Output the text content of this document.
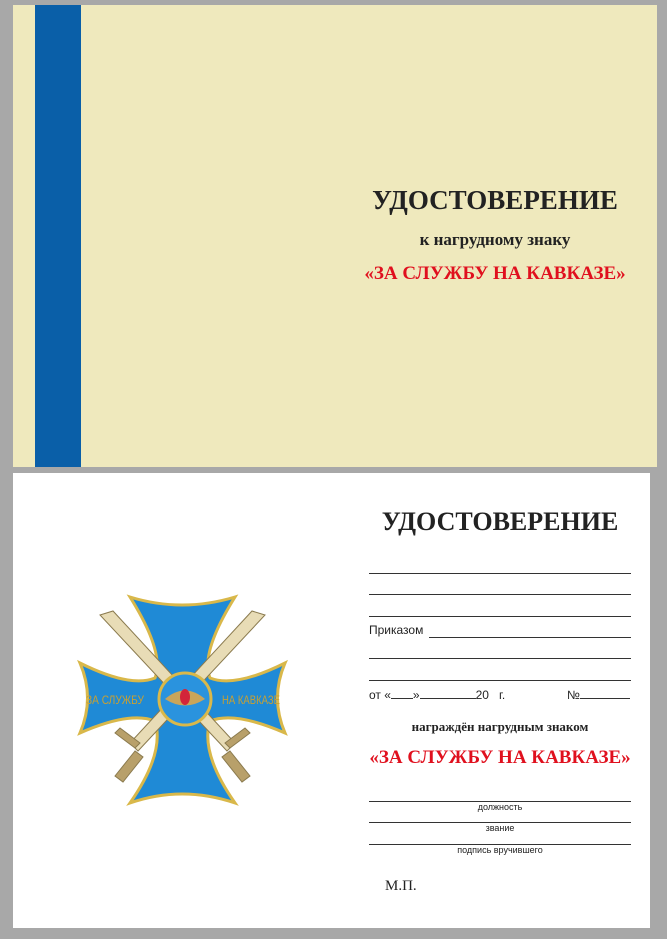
УДОСТОВЕРЕНИЕ
к нагрудному знаку
«ЗА СЛУЖБУ НА КАВКАЗЕ»
ЗА СЛУЖБУ	НА КАВКАЗЕ
УДОСТОВЕРЕНИЕ
Приказом
от « »	20 г.	№
награждён нагрудным знаком
«ЗА СЛУЖБУ НА КАВКАЗЕ»
должность
звание
подпись вручившего
М.П.
